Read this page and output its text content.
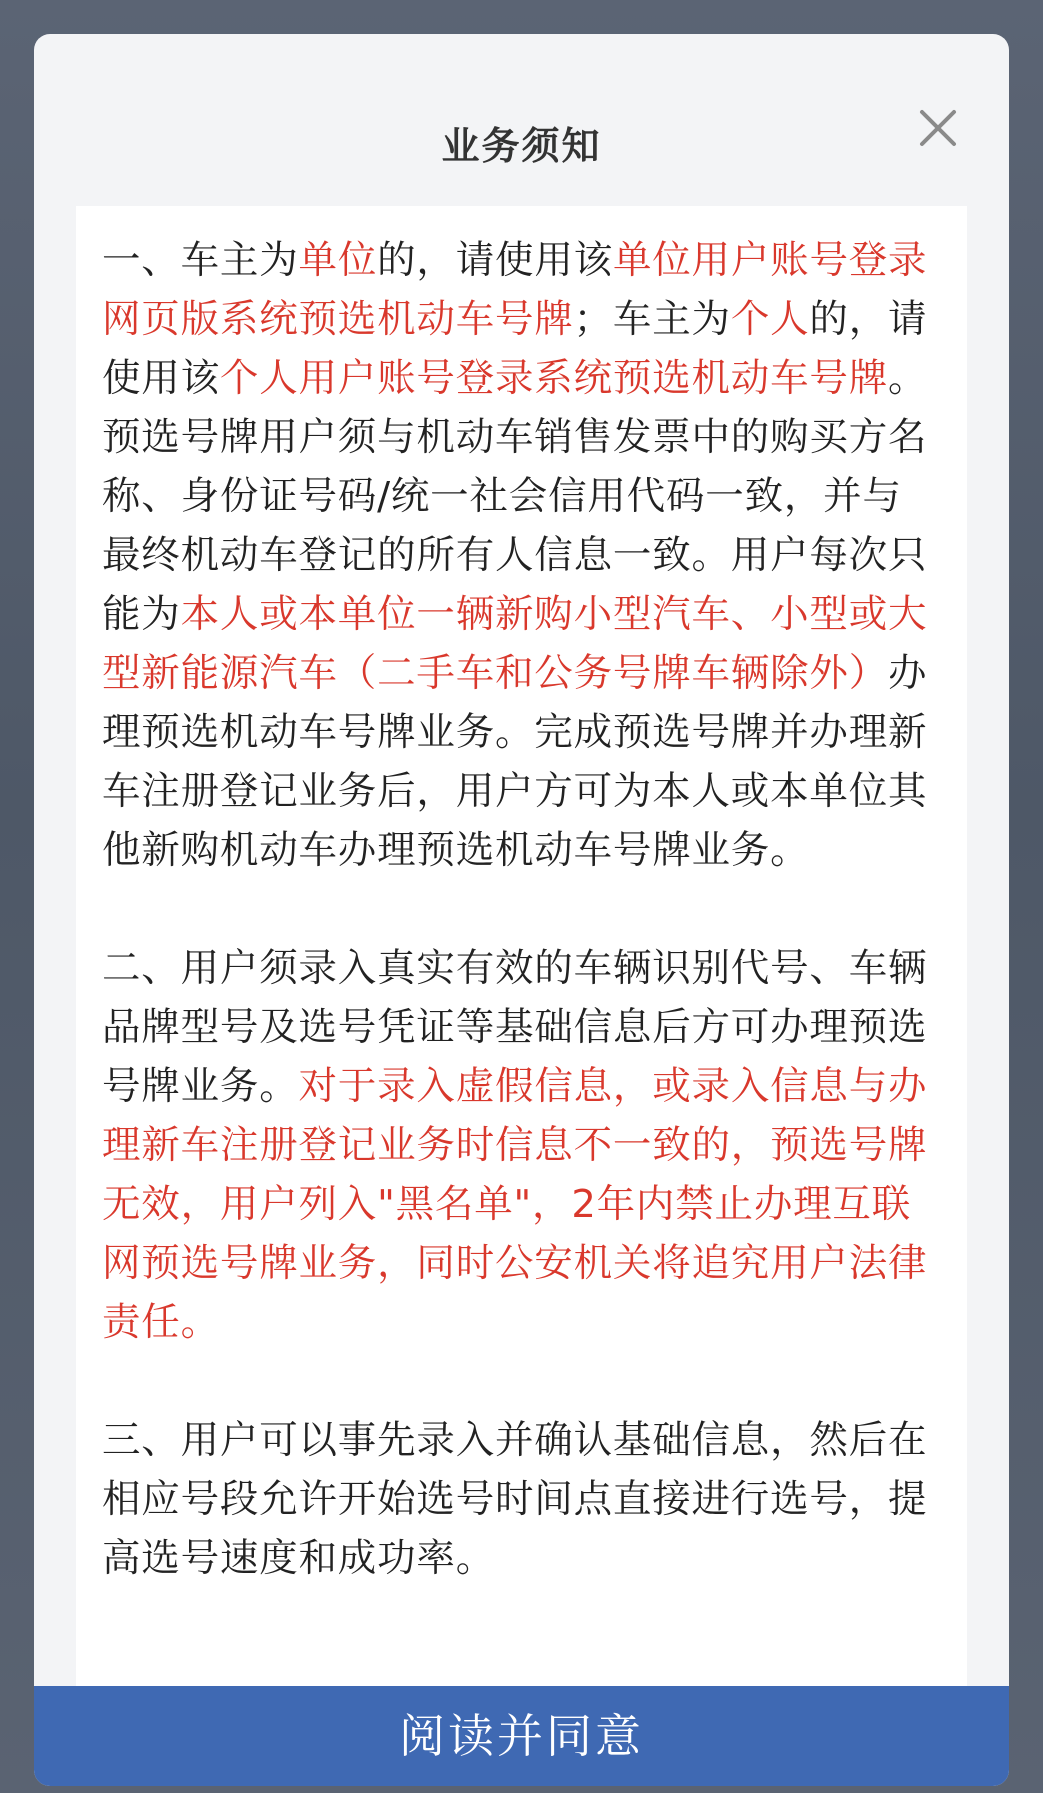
业务须知

一、车主为单位的，请使用该单位用户账号登录网页版系统预选机动车号牌；车主为个人的，请使用该个人用户账号登录系统预选机动车号牌。预选号牌用户须与机动车销售发票中的购买方名称、身份证号码/统一社会信用代码一致，并与最终机动车登记的所有人信息一致。用户每次只能为本人或本单位一辆新购小型汽车、小型或大型新能源汽车（二手车和公务号牌车辆除外）办理预选机动车号牌业务。完成预选号牌并办理新车注册登记业务后，用户方可为本人或本单位其他新购机动车办理预选机动车号牌业务。

二、用户须录入真实有效的车辆识别代号、车辆品牌型号及选号凭证等基础信息后方可办理预选号牌业务。对于录入虚假信息，或录入信息与办理新车注册登记业务时信息不一致的，预选号牌无效，用户列入"黑名单"，2年内禁止办理互联网预选号牌业务，同时公安机关将追究用户法律责任。

三、用户可以事先录入并确认基础信息，然后在相应号段允许开始选号时间点直接进行选号，提高选号速度和成功率。

阅读并同意
